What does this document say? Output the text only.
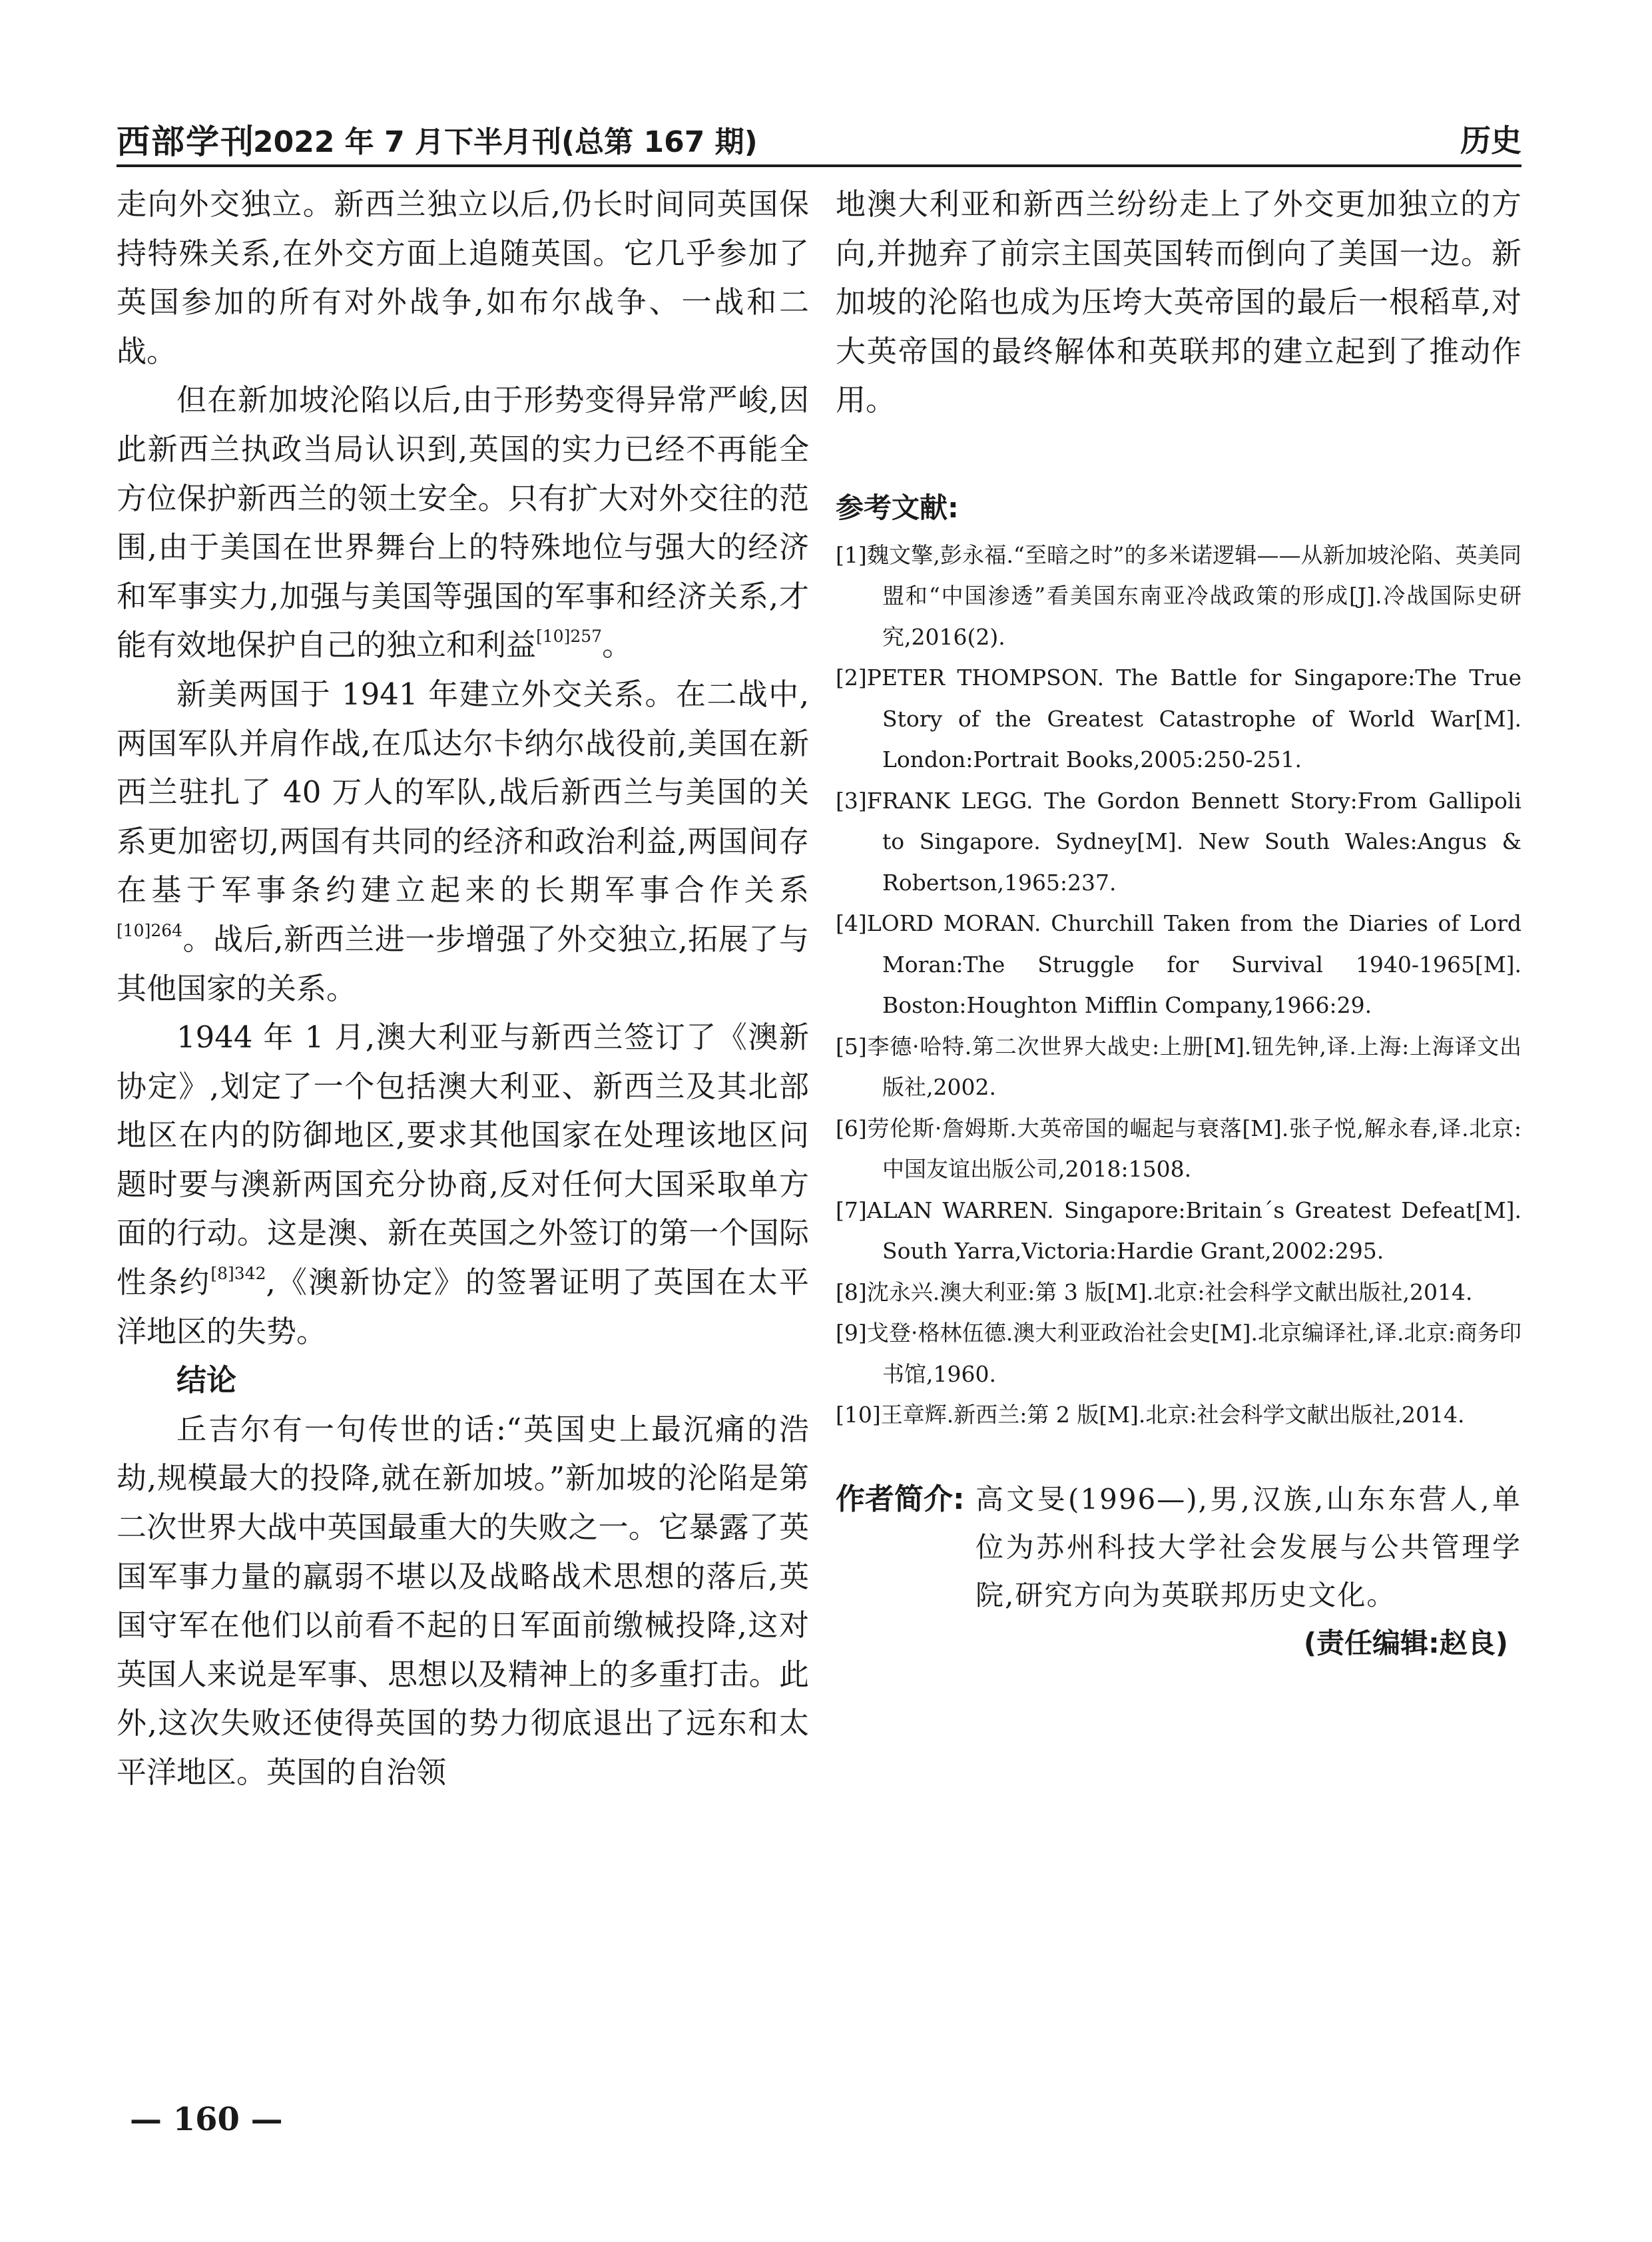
西部学刊
2022 年 7 月下半月刊(总第 167 期)	历史

走向外交独立。新西兰独立以后,仍长时间同英国保持特殊关系,在外交方面上追随英国。它几乎参加了英国参加的所有对外战争,如布尔战争、一战和二战。

但在新加坡沦陷以后,由于形势变得异常严峻,因此新西兰执政当局认识到,英国的实力已经不再能全方位保护新西兰的领土安全。只有扩大对外交往的范围,由于美国在世界舞台上的特殊地位与强大的经济和军事实力,加强与美国等强国的军事和经济关系,才能有效地保护自己的独立和利益$^{[10]257}$。

新美两国于 1941 年建立外交关系。在二战中,两国军队并肩作战,在瓜达尔卡纳尔战役前,美国在新西兰驻扎了 40 万人的军队,战后新西兰与美国的关系更加密切,两国有共同的经济和政治利益,两国间存在基于军事条约建立起来的长期军事合作关系$^{[10]264}$。战后,新西兰进一步增强了外交独立,拓展了与其他国家的关系。

1944 年 1 月,澳大利亚与新西兰签订了《澳新协定》,划定了一个包括澳大利亚、新西兰及其北部地区在内的防御地区,要求其他国家在处理该地区问题时要与澳新两国充分协商,反对任何大国采取单方面的行动。这是澳、新在英国之外签订的第一个国际性条约$^{[8]342}$,《澳新协定》的签署证明了英国在太平洋地区的失势。

结论

丘吉尔有一句传世的话:“英国史上最沉痛的浩劫,规模最大的投降,就在新加坡。”新加坡的沦陷是第二次世界大战中英国最重大的失败之一。它暴露了英国军事力量的羸弱不堪以及战略战术思想的落后,英国守军在他们以前看不起的日军面前缴械投降,这对英国人来说是军事、思想以及精神上的多重打击。此外,这次失败还使得英国的势力彻底退出了远东和太平洋地区。英国的自治领

地澳大利亚和新西兰纷纷走上了外交更加独立的方向,并抛弃了前宗主国英国转而倒向了美国一边。新加坡的沦陷也成为压垮大英帝国的最后一根稻草,对大英帝国的最终解体和英联邦的建立起到了推动作用。

参考文献:
[1]魏文擎,彭永福.“至暗之时”的多米诺逻辑——从新加坡沦陷、英美同盟和“中国渗透”看美国东南亚冷战政策的形成[J].冷战国际史研究,2016(2).
[2]PETER THOMPSON. The Battle for Singapore:The True Story of the Greatest Catastrophe of World War[M]. London:Portrait Books,2005:250-251.
[3]FRANK LEGG. The Gordon Bennett Story:From Gallipoli to Singapore. Sydney[M]. New South Wales:Angus & Robertson,1965:237.
[4]LORD MORAN. Churchill Taken from the Diaries of Lord Moran:The Struggle for Survival 1940-1965[M]. Boston:Houghton Mifflin Company,1966:29.
[5]李德·哈特.第二次世界大战史:上册[M].钮先钟,译.上海:上海译文出版社,2002.
[6]劳伦斯·詹姆斯.大英帝国的崛起与衰落[M].张子悦,解永春,译.北京:中国友谊出版公司,2018:1508.
[7]ALAN WARREN. Singapore:Britain´s Greatest Defeat[M]. South Yarra,Victoria:Hardie Grant,2002:295.
[8]沈永兴.澳大利亚:第 3 版[M].北京:社会科学文献出版社,2014.
[9]戈登·格林伍德.澳大利亚政治社会史[M].北京编译社,译.北京:商务印书馆,1960.
[10]王章辉.新西兰:第 2 版[M].北京:社会科学文献出版社,2014.
作者简介: 高文旻(1996—),男,汉族,山东东营人,单位为苏州科技大学社会发展与公共管理学院,研究方向为英联邦历史文化。
(责任编辑:赵良)
— 160 —
